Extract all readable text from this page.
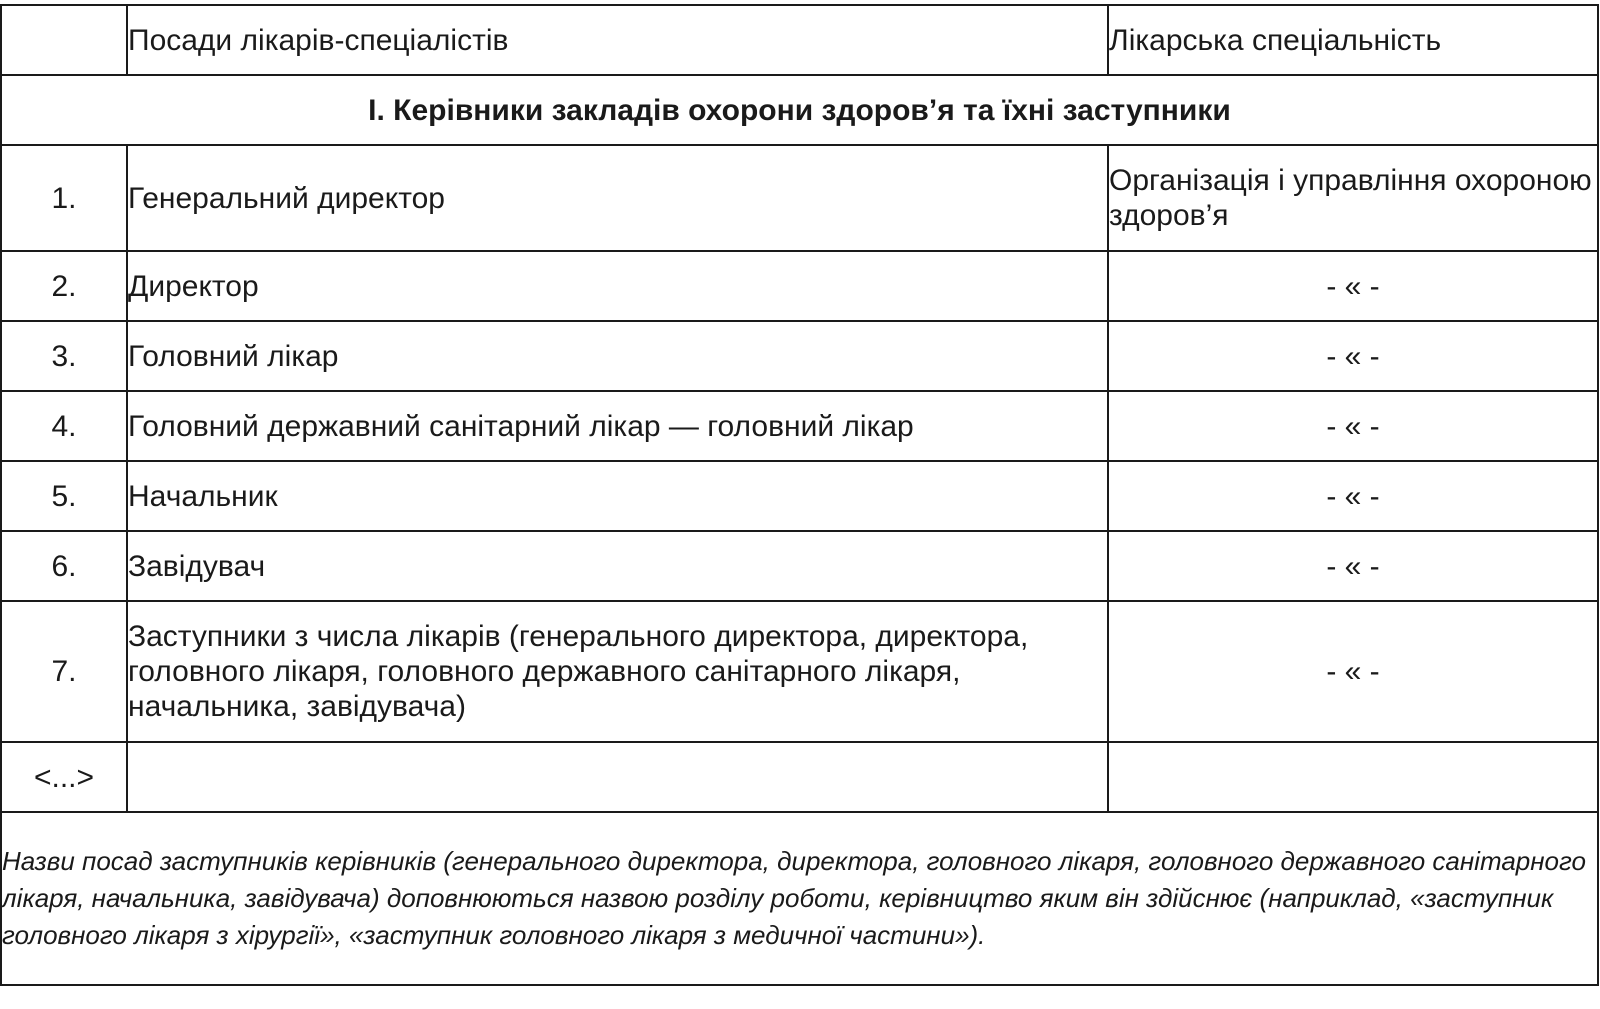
	Посади лікарів-спеціалістів	Лікарська спеціальність
І. Керівники закладів охорони здоров’я та їхні заступники		
1.	Генеральний директор	Організація і управління охороною здоров’я
2.	Директор	- « -
3.	Головний лікар	- « -
4.	Головний державний санітарний лікар — головний лікар	- « -
5.	Начальник	- « -
6.	Завідувач	- « -
7.	Заступники з числа лікарів (генерального директора, директора, головного лікаря, головного державного санітарного лікаря, начальника, завідувача)	- « -
<...>		
Назви посад заступників керівників (генерального директора, директора, головного лікаря, головного державного санітарного лікаря, начальника, завідувача) доповнюються назвою розділу роботи, керівництво яким він здійснює (наприклад, «заступник головного лікаря з хірургії», «заступник головного лікаря з медичної частини»).		
